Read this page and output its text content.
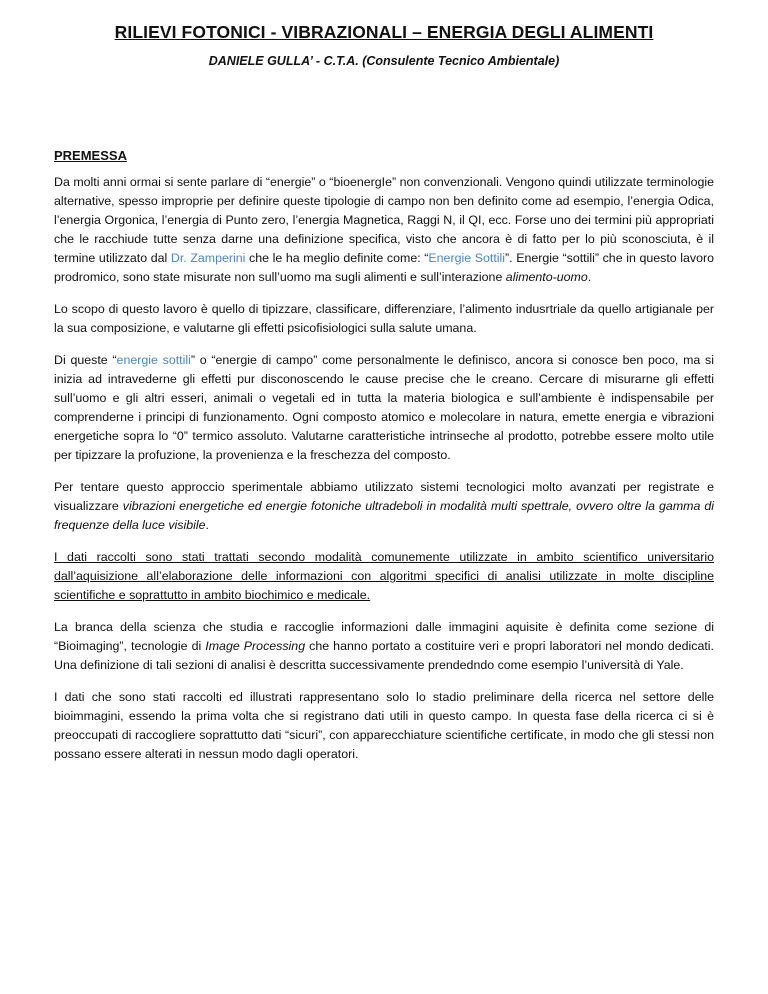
RILIEVI FOTONICI - VIBRAZIONALI – ENERGIA DEGLI ALIMENTI
DANIELE GULLA’ - C.T.A. (Consulente Tecnico Ambientale)
PREMESSA

Da molti anni ormai si sente parlare di “energie” o “bioenergIe” non convenzionali. Vengono quindi utilizzate terminologie alternative, spesso improprie per definire queste tipologie di campo non ben definito come ad esempio, l’energia Odica, l’energia Orgonica, l’energia di Punto zero, l’energia Magnetica, Raggi N, il QI, ecc. Forse uno dei termini più appropriati che le racchiude tutte senza darne una definizione specifica, visto che ancora è di fatto per lo più sconosciuta, è il termine utilizzato dal Dr. Zamperini che le ha meglio definite come: “Energie Sottili”. Energie “sottili” che in questo lavoro prodromico, sono state misurate non sull’uomo ma sugli alimenti e sull’interazione alimento-uomo.

Lo scopo di questo lavoro è quello di tipizzare, classificare, differenziare, l’alimento indusrtriale da quello artigianale per la sua composizione, e valutarne gli effetti psicofisiologici sulla salute umana.

Di queste “energie sottili” o “energie di campo” come personalmente le definisco, ancora si conosce ben poco, ma si inizia ad intravederne gli effetti pur disconoscendo le cause precise che le creano. Cercare di misurarne gli effetti sull’uomo e gli altri esseri, animali o vegetali ed in tutta la materia biologica e sull’ambiente è indispensabile per comprenderne i principi di funzionamento. Ogni composto atomico e molecolare in natura, emette energia e vibrazioni energetiche sopra lo “0” termico assoluto. Valutarne caratteristiche intrinseche al prodotto, potrebbe essere molto utile per tipizzare la profuzione, la provenienza e la freschezza del composto.

Per tentare questo approccio sperimentale abbiamo utilizzato sistemi tecnologici molto avanzati per registrate e visualizzare vibrazioni energetiche ed energie fotoniche ultradeboli in modalità multi spettrale, ovvero oltre la gamma di frequenze della luce visibile.

I dati raccolti sono stati trattati secondo modalità comunemente utilizzate in ambito scientifico universitario dall’aquisizione all’elaborazione delle informazioni con algoritmi specifici di analisi utilizzate in molte discipline scientifiche e soprattutto in ambito biochimico e medicale.

La branca della scienza che studia e raccoglie informazioni dalle immagini aquisite è definita come sezione di “Bioimaging”, tecnologie di Image Processing che hanno portato a costituire veri e propri laboratori nel mondo dedicati. Una definizione di tali sezioni di analisi è descritta successivamente prendedndo come esempio l’università di Yale.

I dati che sono stati raccolti ed illustrati rappresentano solo lo stadio preliminare della ricerca nel settore delle bioimmagini, essendo la prima volta che si registrano dati utili in questo campo. In questa fase della ricerca ci si è preoccupati di raccogliere soprattutto dati “sicuri”, con apparecchiature scientifiche certificate, in modo che gli stessi non possano essere alterati in nessun modo dagli operatori.
